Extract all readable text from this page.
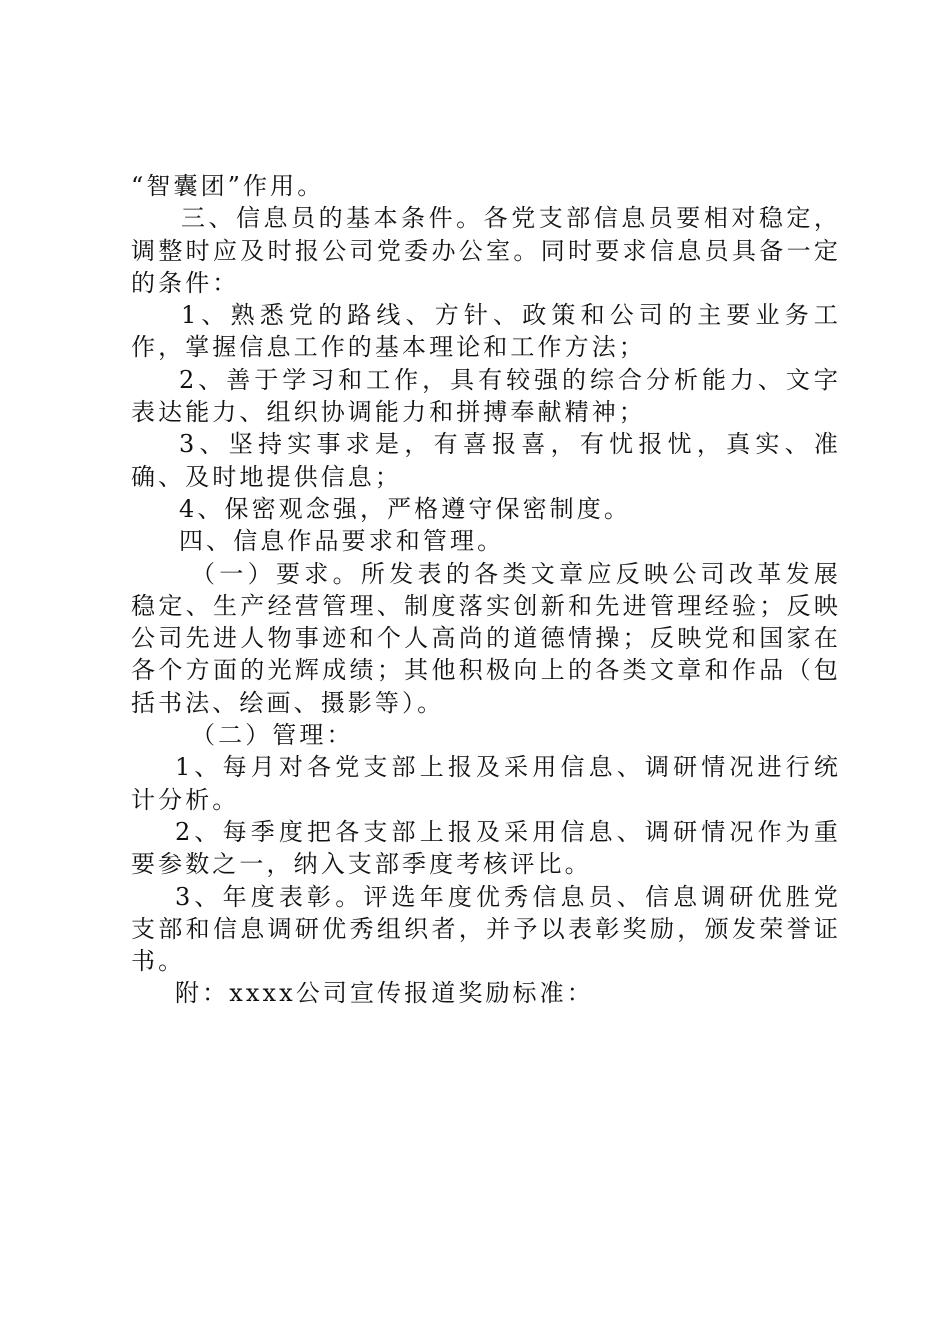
“智囊团”作用。

三、信息员的基本条件。各党支部信息员要相对稳定，调整时应及时报公司党委办公室。同时要求信息员具备一定的条件：

1、熟悉党的路线、方针、政策和公司的主要业务工作，掌握信息工作的基本理论和工作方法；

2、善于学习和工作，具有较强的综合分析能力、文字表达能力、组织协调能力和拼搏奉献精神；

3、坚持实事求是，有喜报喜，有忧报忧，真实、准确、及时地提供信息；

4、保密观念强，严格遵守保密制度。

四、信息作品要求和管理。

（一）要求。所发表的各类文章应反映公司改革发展稳定、生产经营管理、制度落实创新和先进管理经验；反映公司先进人物事迹和个人高尚的道德情操；反映党和国家在各个方面的光辉成绩；其他积极向上的各类文章和作品（包括书法、绘画、摄影等）。

（二）管理：

1、每月对各党支部上报及采用信息、调研情况进行统计分析。

2、每季度把各支部上报及采用信息、调研情况作为重要参数之一，纳入支部季度考核评比。

3、年度表彰。评选年度优秀信息员、信息调研优胜党支部和信息调研优秀组织者，并予以表彰奖励，颁发荣誉证书。

附：xxxx公司宣传报道奖励标准：
